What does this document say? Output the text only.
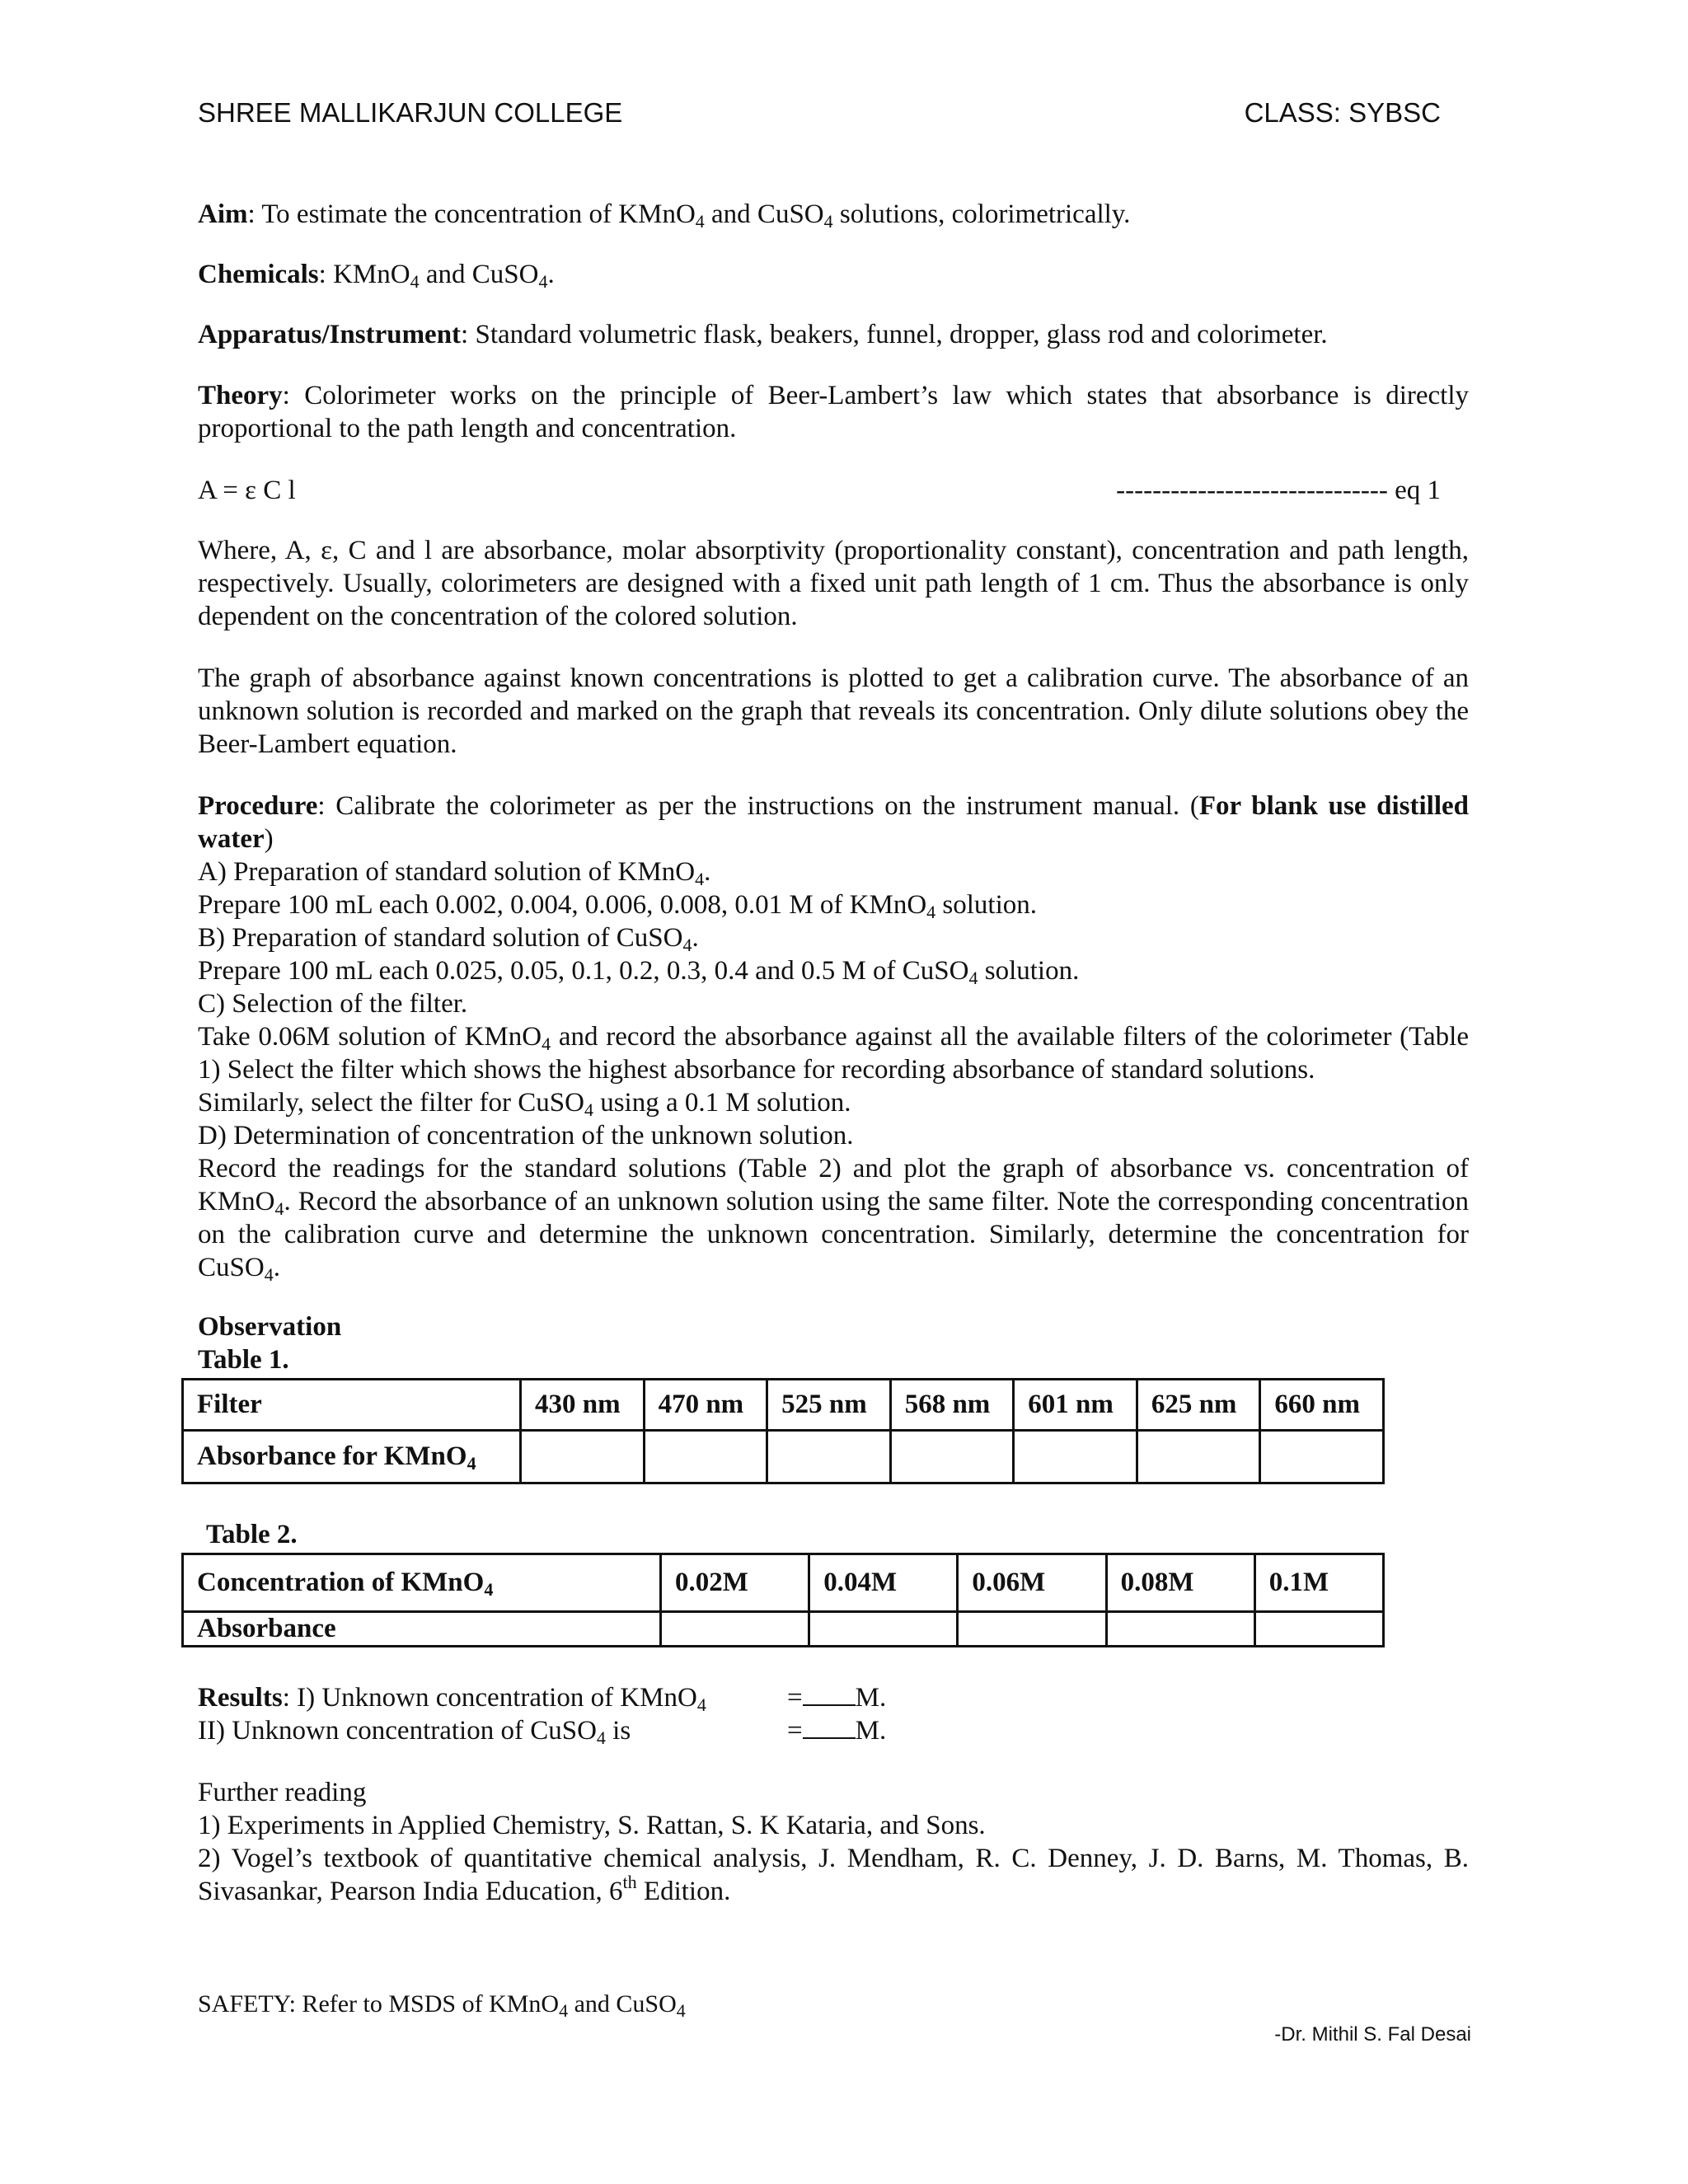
SHREE MALLIKARJUN COLLEGE	CLASS: SYBSC

Aim: To estimate the concentration of KMnO$_4$ and CuSO$_4$ solutions, colorimetrically.

Chemicals: KMnO$_4$ and CuSO$_4$.

Apparatus/Instrument: Standard volumetric flask, beakers, funnel, dropper, glass rod and colorimeter.

Theory: Colorimeter works on the principle of Beer-Lambert’s law which states that absorbance is directly proportional to the path length and concentration.

A = ε C l	------------------------------ eq 1
Where, A, ε, C and l are absorbance, molar absorptivity (proportionality constant), concentration and path length, respectively. Usually, colorimeters are designed with a fixed unit path length of 1 cm. Thus the absorbance is only dependent on the concentration of the colored solution.
The graph of absorbance against known concentrations is plotted to get a calibration curve. The absorbance of an unknown solution is recorded and marked on the graph that reveals its concentration. Only dilute solutions obey the Beer-Lambert equation.

Procedure: Calibrate the colorimeter as per the instructions on the instrument manual. (For blank use distilled water)

A) Preparation of standard solution of KMnO$_4$.

Prepare 100 mL each 0.002, 0.004, 0.006, 0.008, 0.01 M of KMnO$_4$ solution.

B) Preparation of standard solution of CuSO$_4$.

Prepare 100 mL each 0.025, 0.05, 0.1, 0.2, 0.3, 0.4 and 0.5 M of CuSO$_4$ solution.

C) Selection of the filter.

Take 0.06M solution of KMnO$_4$ and record the absorbance against all the available filters of the colorimeter (Table 1) Select the filter which shows the highest absorbance for recording absorbance of standard solutions.

Similarly, select the filter for CuSO$_4$ using a 0.1 M solution.

D) Determination of concentration of the unknown solution.

Record the readings for the standard solutions (Table 2) and plot the graph of absorbance vs. concentration of KMnO$_4$. Record the absorbance of an unknown solution using the same filter. Note the corresponding concentration on the calibration curve and determine the unknown concentration. Similarly, determine the concentration for CuSO$_4$.

Observation

Table 1.

Filter	430 nm	470 nm	525 nm	568 nm	601 nm	625 nm	660 nm
Absorbance for KMnO$_4$							

Table 2.

Concentration of KMnO$_4$	0.02M	0.04M	0.06M	0.08M	0.1M
Absorbance					

Results: I) Unknown concentration of KMnO$_4$	= M.

II) Unknown concentration of CuSO$_4$ is	= M.

Further reading

1) Experiments in Applied Chemistry, S. Rattan, S. K Kataria, and Sons.

2) Vogel’s textbook of quantitative chemical analysis, J. Mendham, R. C. Denney, J. D. Barns, M. Thomas, B. Sivasankar, Pearson India Education, 6th Edition.

SAFETY: Refer to MSDS of KMnO$_4$ and CuSO$_4$

-Dr. Mithil S. Fal Desai
